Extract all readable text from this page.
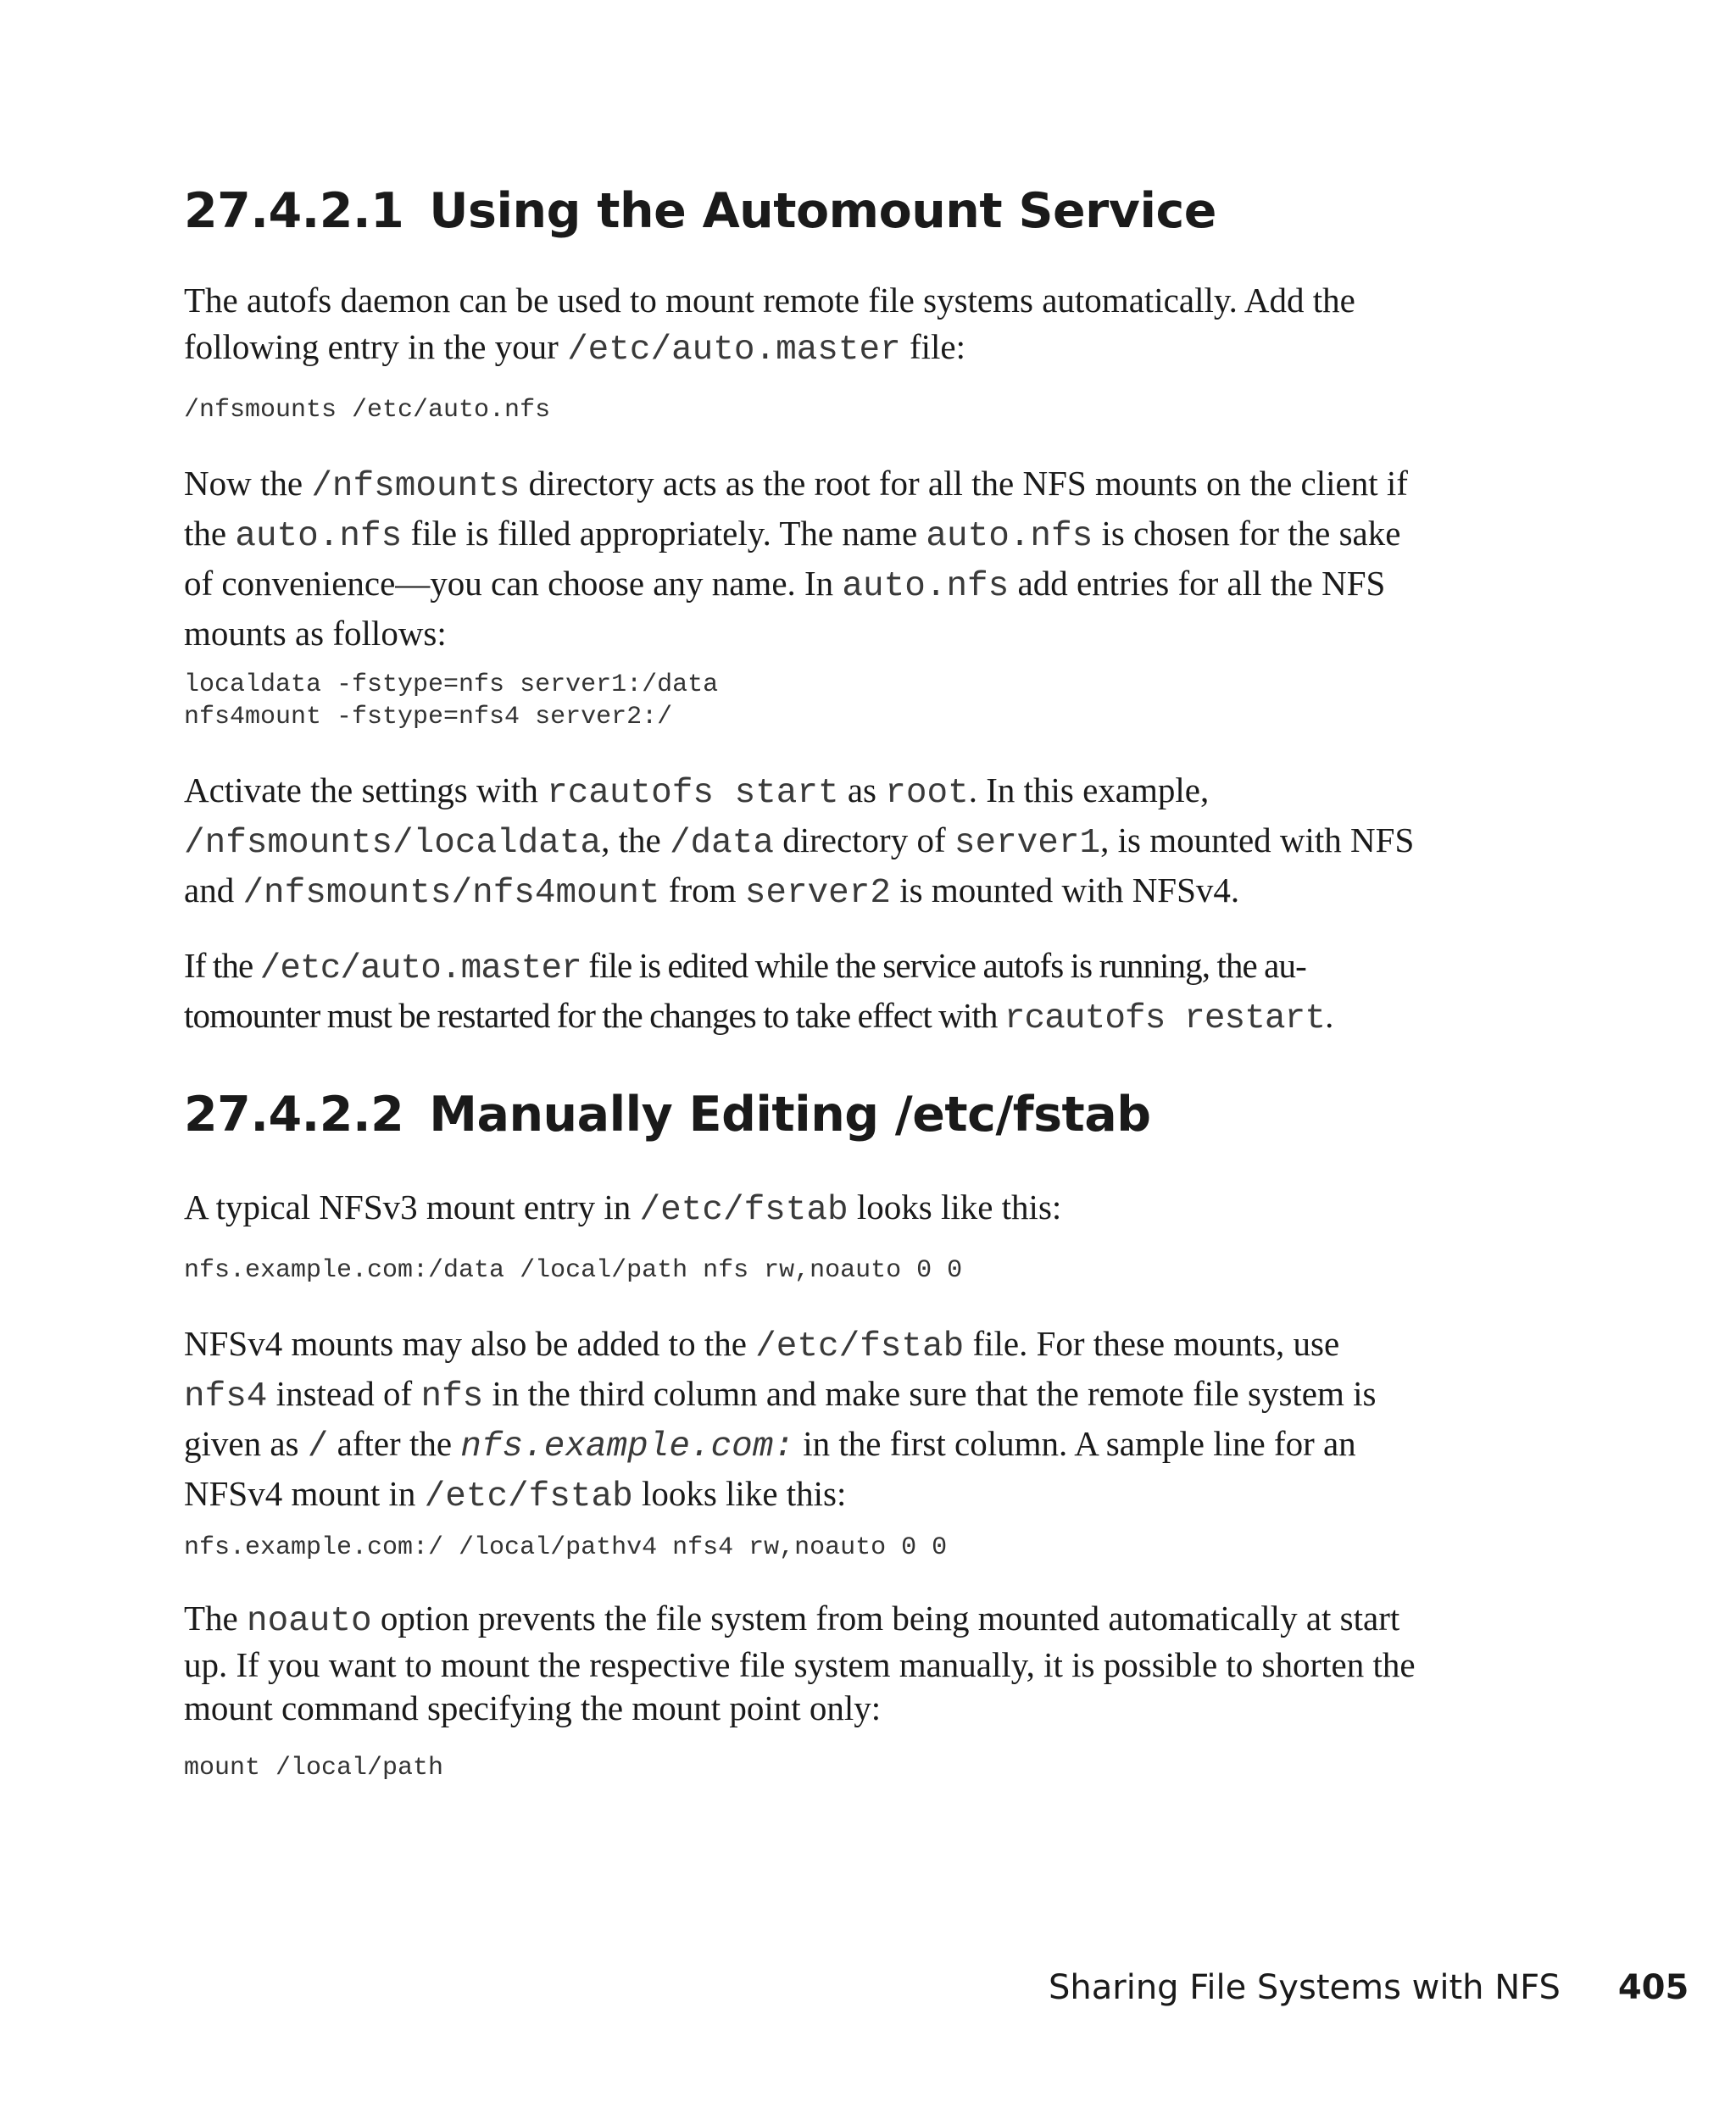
27.4.2.1 Using the Automount Service

The autofs daemon can be used to mount remote file systems automatically. Add the following entry in the your /etc/auto.master file:

/nfsmounts /etc/auto.nfs

Now the /nfsmounts directory acts as the root for all the NFS mounts on the client if the auto.nfs file is filled appropriately. The name auto.nfs is chosen for the sake of convenience—you can choose any name. In auto.nfs add entries for all the NFS mounts as follows:

localdata -fstype=nfs server1:/data
nfs4mount -fstype=nfs4 server2:/

Activate the settings with rcautofs start as root. In this example, /nfsmounts/localdata, the /data directory of server1, is mounted with NFS and /nfsmounts/nfs4mount from server2 is mounted with NFSv4.

If the /etc/auto.master file is edited while the service autofs is running, the au-tomounter must be restarted for the changes to take effect with rcautofs restart.

27.4.2.2 Manually Editing /etc/fstab

A typical NFSv3 mount entry in /etc/fstab looks like this:

nfs.example.com:/data /local/path nfs rw,noauto 0 0

NFSv4 mounts may also be added to the /etc/fstab file. For these mounts, use nfs4 instead of nfs in the third column and make sure that the remote file system is given as / after the nfs.example.com: in the first column. A sample line for an NFSv4 mount in /etc/fstab looks like this:

nfs.example.com:/ /local/pathv4 nfs4 rw,noauto 0 0

The noauto option prevents the file system from being mounted automatically at start up. If you want to mount the respective file system manually, it is possible to shorten the mount command specifying the mount point only:

mount /local/path
Sharing File Systems with NFS 405
